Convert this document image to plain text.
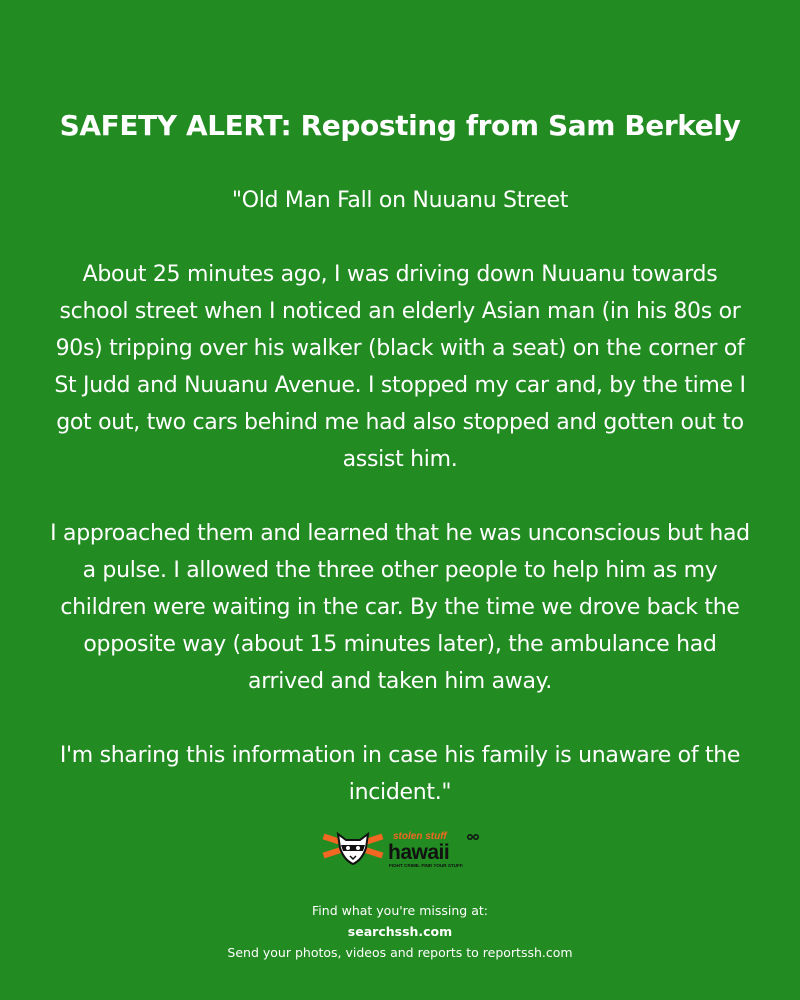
SAFETY ALERT: Reposting from Sam Berkely

"Old Man Fall on Nuuanu Street

About 25 minutes ago, I was driving down Nuuanu towards school street when I noticed an elderly Asian man (in his 80s or 90s) tripping over his walker (black with a seat) on the corner of St Judd and Nuuanu Avenue. I stopped my car and, by the time I got out, two cars behind me had also stopped and gotten out to assist him.

I approached them and learned that he was unconscious but had a pulse. I allowed the three other people to help him as my children were waiting in the car. By the time we drove back the opposite way (about 15 minutes later), the ambulance had arrived and taken him away.

I'm sharing this information in case his family is unaware of the incident."

stolen stuff
hawaii
FIGHT CRIME. FIND YOUR STUFF.
Find what you're missing at:
searchssh.com
Send your photos, videos and reports to reportssh.com
